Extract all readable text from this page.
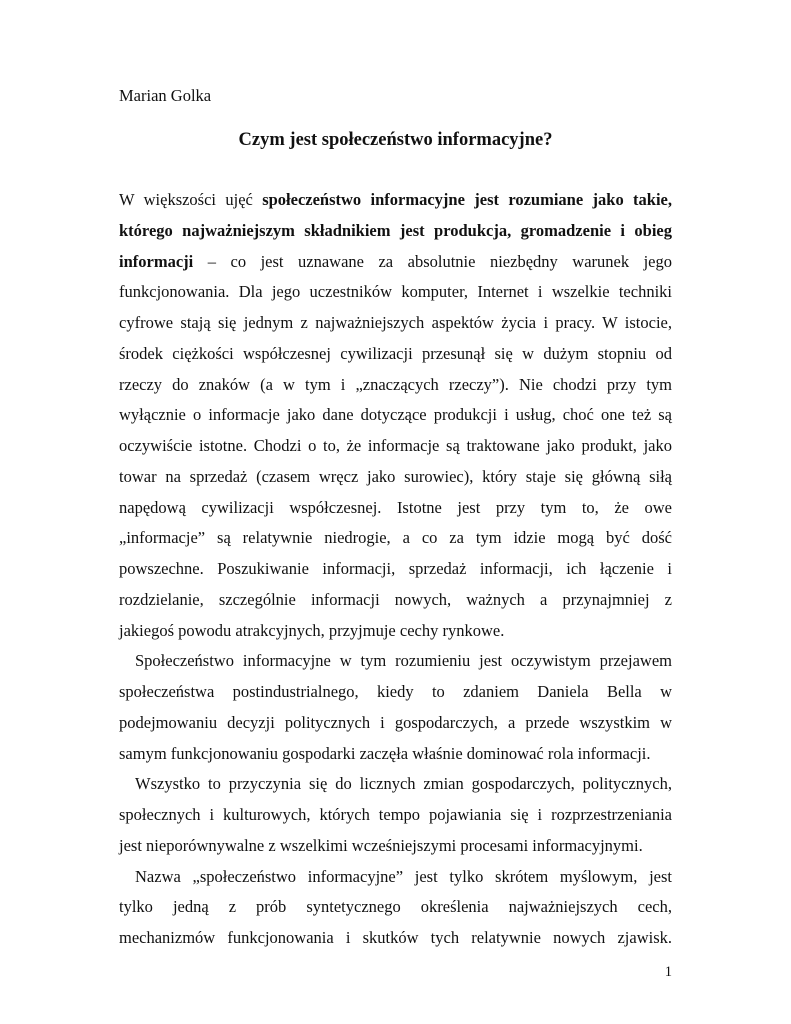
Marian Golka
Czym jest społeczeństwo informacyjne?
W większości ujęć społeczeństwo informacyjne jest rozumiane jako takie,
którego najważniejszym składnikiem jest produkcja, gromadzenie i obieg
informacji – co jest uznawane za absolutnie niezbędny warunek jego
funkcjonowania. Dla jego uczestników komputer, Internet i wszelkie techniki
cyfrowe stają się jednym z najważniejszych aspektów życia i pracy. W istocie,
środek ciężkości współczesnej cywilizacji przesunął się w dużym stopniu od
rzeczy do znaków (a w tym i „znaczących rzeczy”). Nie chodzi przy tym
wyłącznie o informacje jako dane dotyczące produkcji i usług, choć one też są
oczywiście istotne. Chodzi o to, że informacje są traktowane jako produkt, jako
towar na sprzedaż (czasem wręcz jako surowiec), który staje się główną siłą
napędową cywilizacji współczesnej. Istotne jest przy tym to, że owe
„informacje” są relatywnie niedrogie, a co za tym idzie mogą być dość
powszechne. Poszukiwanie informacji, sprzedaż informacji, ich łączenie i
rozdzielanie, szczególnie informacji nowych, ważnych a przynajmniej z
jakiegoś powodu atrakcyjnych, przyjmuje cechy rynkowe.
Społeczeństwo informacyjne w tym rozumieniu jest oczywistym przejawem
społeczeństwa postindustrialnego, kiedy to zdaniem Daniela Bella w
podejmowaniu decyzji politycznych i gospodarczych, a przede wszystkim w
samym funkcjonowaniu gospodarki zaczęła właśnie dominować rola informacji.
Wszystko to przyczynia się do licznych zmian gospodarczych, politycznych,
społecznych i kulturowych, których tempo pojawiania się i rozprzestrzeniania
jest nieporównywalne z wszelkimi wcześniejszymi procesami informacyjnymi.
Nazwa „społeczeństwo informacyjne” jest tylko skrótem myślowym, jest
tylko jedną z prób syntetycznego określenia najważniejszych cech,
mechanizmów funkcjonowania i skutków tych relatywnie nowych zjawisk.
1
